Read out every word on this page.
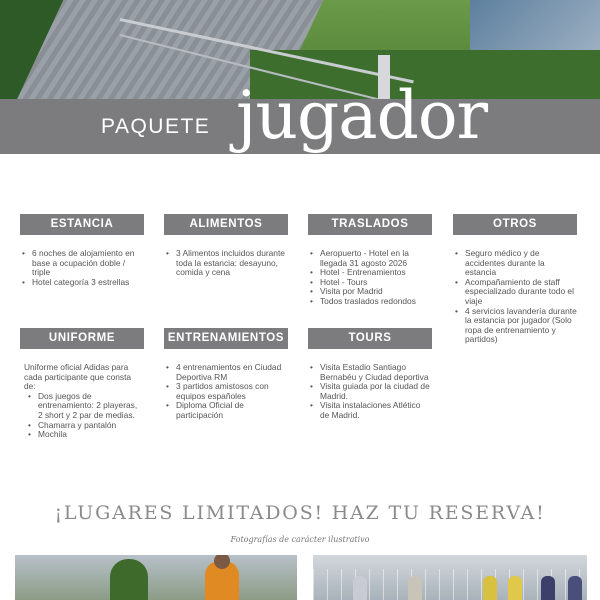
PAQUETE jugador
ESTANCIA
• 6 noches de alojamiento en base a ocupación doble / triple
• Hotel categoría 3 estrellas
ALIMENTOS
• 3 Alimentos incluidos durante toda la estancia: desayuno, comida y cena
TRASLADOS
• Aeropuerto - Hotel en la llegada 31 agosto 2026
• Hotel - Entrenamientos
• Hotel - Tours
• Visita por Madrid
• Todos traslados redondos
OTROS
• Seguro médico y de accidentes durante la estancia
• Acompañamiento de staff especializado durante todo el viaje
• 4 servicios lavandería durante la estancia por jugador (Solo ropa de entrenamiento y partidos)
UNIFORME

Uniforme oficial Adidas para cada participante que consta de:

• Dos juegos de entrenamiento: 2 playeras, 2 short y 2 par de medias.
• Chamarra y pantalón
• Mochila
ENTRENAMIENTOS
• 4 entrenamientos en Ciudad Deportiva RM
• 3 partidos amistosos con equipos españoles
• Diploma Oficial de participación
TOURS
• Visita Estadio Santiago Bernabéu y Ciudad deportiva
• Visita guiada por la ciudad de Madrid.
• Visita instalaciones Atlético de Madrid.
¡LUGARES LIMITADOS! HAZ TU RESERVA!
Fotografías de carácter ilustrativo
